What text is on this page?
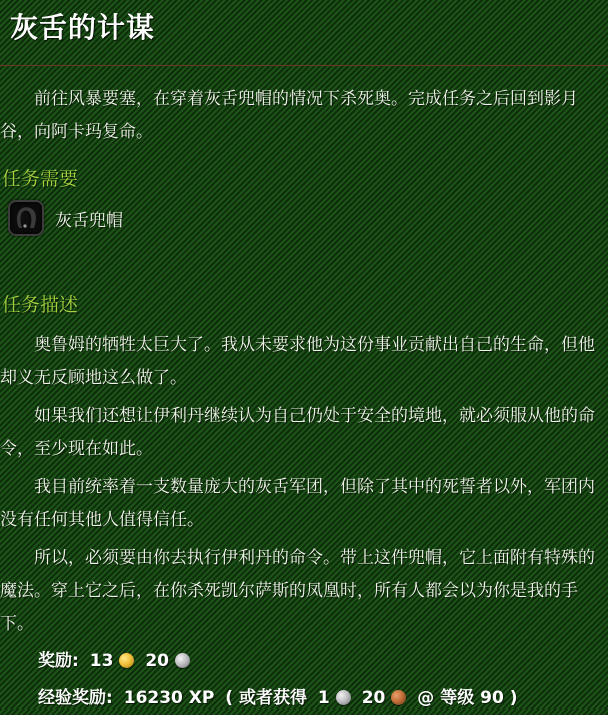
灰舌的计谋

前往风暴要塞，在穿着灰舌兜帽的情况下杀死奥。完成任务之后回到影月谷，向阿卡玛复命。

任务需要
灰舌兜帽
任务描述

奥鲁姆的牺牲太巨大了。我从未要求他为这份事业贡献出自己的生命，但他却义无反顾地这么做了。

如果我们还想让伊利丹继续认为自己仍处于安全的境地，就必须服从他的命令，至少现在如此。

我目前统率着一支数量庞大的灰舌军团，但除了其中的死誓者以外，军团内没有任何其他人值得信任。

所以，必须要由你去执行伊利丹的命令。带上这件兜帽，它上面附有特殊的魔法。穿上它之后，在你杀死凯尔萨斯的凤凰时，所有人都会以为你是我的手下。

奖励: 13 20
经验奖励: 16230 XP ( 或者获得 1 20 @ 等级 90 )
